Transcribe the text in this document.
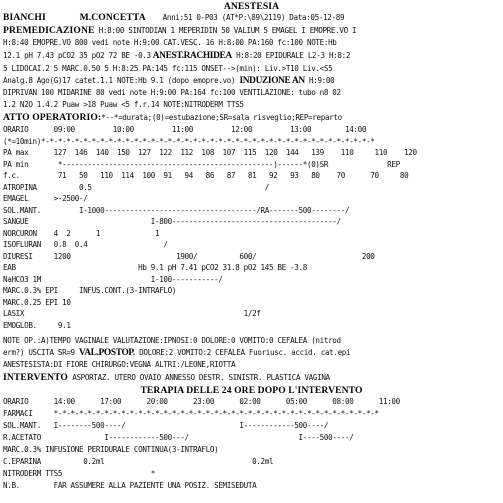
ANESTESIA
BIANCHI	M.CONCETTA Anni:51 0-P03 (AT*P:\89\2119) Data:05-12-89
PREMEDICAZIONE H:8:00 SINTODIAN 1 MEPERIDIN 50 VALIUM 5 EMAGEL I EMOPRE.VO I
H:8:40 EMOPRE.VO 800 vedi note H:9:00 CAT.VESC. 16 H:8:00 PA:160 fc:100 NOTE:Hb
12.1 pH 7.43 pCO2 35 pO2 72 BE -0.3 ANEST.RACHIDEA H:8:20 EPIDURALE L2-3 H:8:2
5 LIDOCAI.2 5 MARC.0.50 5 H:8:25 PA:145 fc:115 ONSET-->(min): Liv.>T10 Liv.<S5
Analg.8 Ago(G)17 catet.1.1 NOTE:Hb 9.1 (dopo emopre.vo) INDUZIONE AN H:9:00
DIPRIVAN 100 MIDARINE 80 vedi note H:9:00 PA:164 fc:100 VENTILAZIONE: tubo n8 02
1.2 N2O 1.4.2 Puaw >18 Puaw <5 f.r.14 NOTE:NITRODERM TTS5
ATTO OPERATORIO:*--*=durata;(0)=estubazione;SR=sala risveglio;REP=reparto
ORARIO      09:00         10:00         11:00         12:00         13:00        14:00
(*=10min)*-*-*-*-*-*-*-*-*-*-*-*-*-*-*-*-*-*-*-*-*-*-*-*-*-*-*-*-*-*-*-*-*-*-*-*-*-*-*-*
PA max      127  146  140  150  127  122  112  108  107  115  120  144   139    110     110    120
PA min       *--------------------------------------------------)------*(0)SR              REP
f.c.         71   50   110  114  100  91   94   86   87   81   92   93   80    70      70     80
ATROPINA          0.5                                         /
EMAGEL      >-2500-/
SOL.MANT.         I-1000------------------------------------/RA-------500--------/
SANGUE                             I-800---------------------------------------/
NORCURON    4  2      1             1
ISOFLURAN   0.8  0.4                  /
DIURESI     1200                         1900/          600/                         200
EAB                             Hb 9.1 pH 7.41 pCO2 31.8 pO2 145 BE -3.8
NaHCO3 1M                          I-100-----------/
MARC.0.3% EPI     INFUS.CONT.(3-INTRAFLO)
MARC.0.25 EPI 10
LASIX                                                    1/2f
EMOGLOB.     9.1
NOTE OP.:A)TEMPO VAGINALE VALUTAZIONE:IPNOSI:0 DOLORE:0 VOMITO:0 CEFALEA (nitrod
erm?) USCITA SR=9 VAL.POSTOP. DOLORE:2 VOMITO:2 CEFALEA Fuoriusc. accid. cat.epi
ANESTESISTA:DI FIORE CHIRURGO:VEGNA ALTRI:/LEONE,RIOTTA
INTERVENTO ASPORTAZ. UTERO OVAIO ANNESSO DESTR. SINISTR. PLASTICA VAGINA
TERAPIA DELLE 24 ORE DOPO L'INTERVENTO
ORARIO      14:00      17:00      20:00      23:00      02:00      05:00      08:00      11:00
FARMACI     *-*-*-*-*-*-*-*-*-*-*-*-*-*-*-*-*-*-*-*-*-*-*-*-*-*-*-*-*-*-*-*-*-*-*-*-*-*-*
SOL.MANT.   I--------500----/                           I------------500----/
R.ACETATO               I------------500---/                          I----500----/
MARC.0.3% INFUSIONE PERIDURALE CONTINUA(3-INTRAFLO)
C.EPARINA          0.2ml                                   0.2ml
NITRODERM TTS5                     *
N.B.        FAR ASSUMERE ALLA PAZIENTE UNA POSIZ. SEMISEDUTA
